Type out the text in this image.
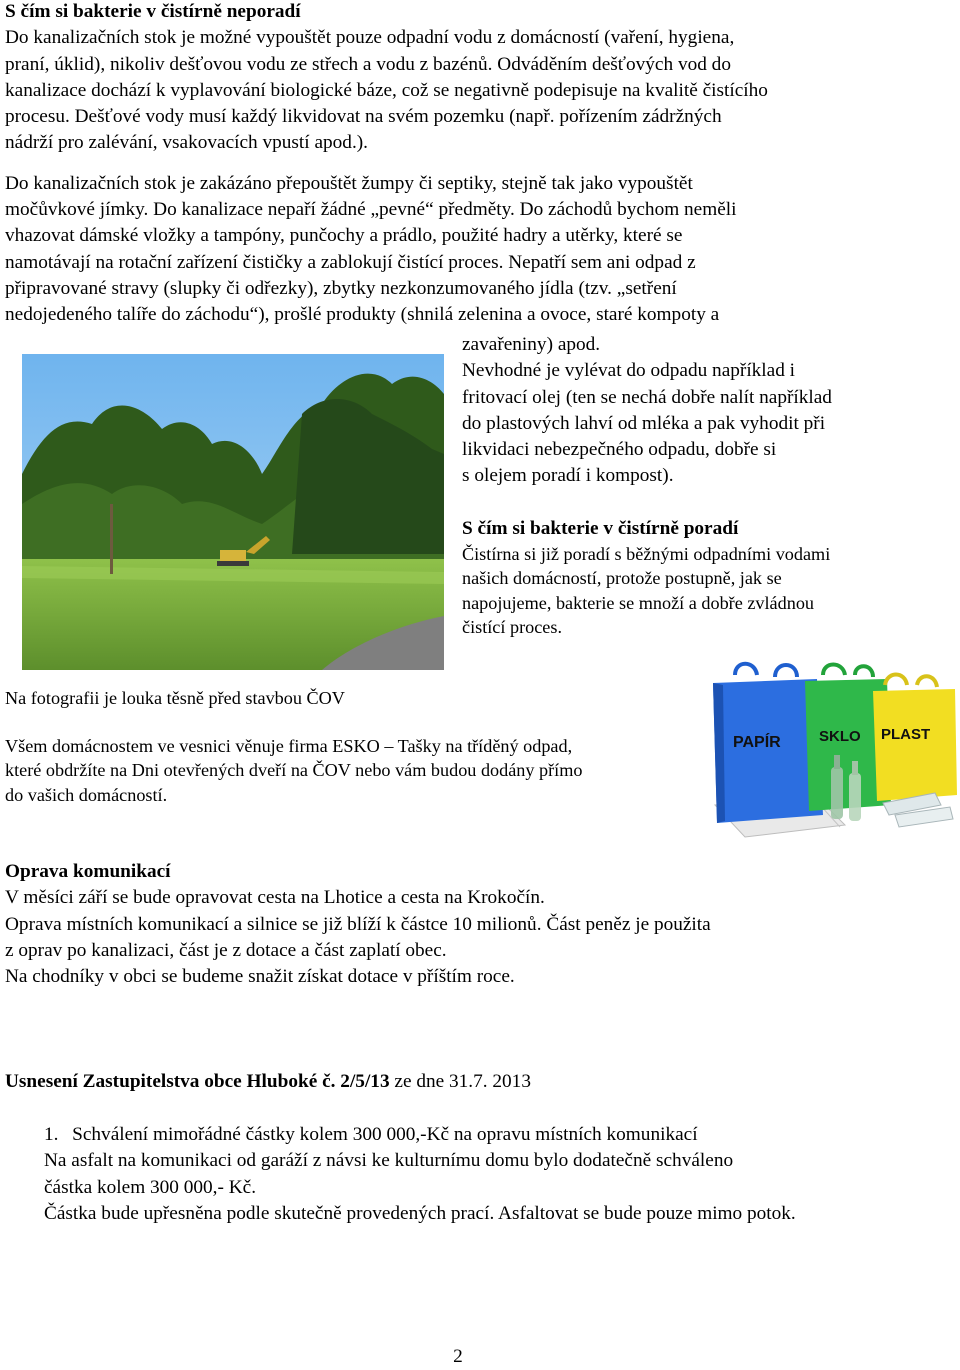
S čím si bakterie v čistírně neporadí
Do kanalizačních stok je možné vypouštět pouze odpadní vodu z domácností (vaření, hygiena,
praní, úklid), nikoliv dešťovou vodu ze střech a vodu z bazénů. Odváděním dešťových vod do
kanalizace dochází k vyplavování biologické báze, což se negativně podepisuje na kvalitě čistícího
procesu. Dešťové vody musí každý likvidovat na svém pozemku (např. pořízením zádržných
nádrží pro zalévání, vsakovacích vpustí apod.).
Do kanalizačních stok je zakázáno přepouštět žumpy či septiky, stejně tak jako vypouštět
močůvkové jímky. Do kanalizace nepaří žádné „pevné“ předměty. Do záchodů bychom neměli
vhazovat dámské vložky a tampóny, punčochy a prádlo, použité hadry a utěrky, které se
namotávají na rotační zařízení čističky a zablokují čistící proces. Nepatří sem ani odpad z
připravované stravy (slupky či odřezky), zbytky nezkonzumovaného jídla (tzv. „setření
nedojedeného talíře do záchodu“), prošlé produkty (shnilá zelenina a ovoce, staré kompoty a
zavařeniny) apod.
Nevhodné je vylévat do odpadu například i
fritovací olej (ten se nechá dobře nalít například
do plastových lahví od mléka a pak vyhodit při
likvidaci nebezpečného odpadu, dobře si
s olejem poradí i kompost).
S čím si bakterie v čistírně poradí
Čistírna si již poradí s běžnými odpadními vodami
našich domácností, protože postupně, jak se
napojujeme, bakterie se množí a dobře zvládnou
čistící proces.
Na fotografii je louka těsně před stavbou ČOV
Všem domácnostem ve vesnici věnuje firma ESKO – Tašky na tříděný odpad,
které obdržíte na Dni otevřených dveří na ČOV nebo vám budou dodány přímo
do vašich domácností.
PAPÍR	SKLO PLAST
Oprava komunikací
V měsíci září se bude opravovat cesta na Lhotice a cesta na Krokočín.
Oprava místních komunikací a silnice se již blíží k částce 10 milionů. Část peněz je použita
z oprav po kanalizaci, část je z dotace a část zaplatí obec.
Na chodníky v obci se budeme snažit získat dotace v příštím roce.
Usnesení Zastupitelstva obce Hluboké č. 2/5/13 ze dne 31.7. 2013
1. Schválení mimořádné částky kolem 300 000,-Kč na opravu místních komunikací
Na asfalt na komunikaci od garáží z návsi ke kulturnímu domu bylo dodatečně schváleno
částka kolem 300 000,- Kč.
Částka bude upřesněna podle skutečně provedených prací. Asfaltovat se bude pouze mimo potok.
2
